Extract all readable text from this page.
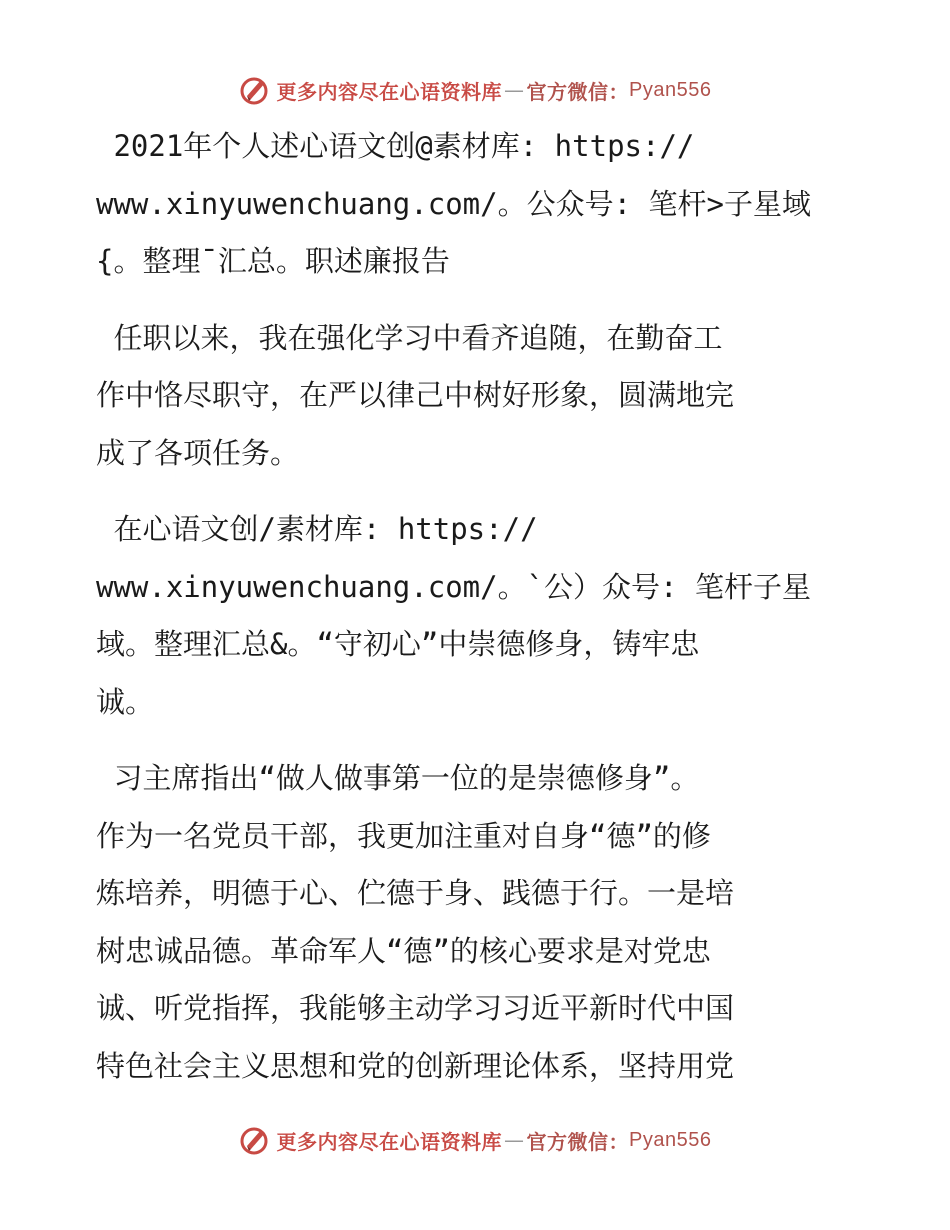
更多内容尽在心语资料库 — 官方微信： Pyan556

2021年个人述心语文创@素材库: https://
www.xinyuwenchuang.com/。公众号: 笔杆>子星域
{。整理¯汇总。职述廉报告

任职以来，我在强化学习中看齐追随，在勤奋工
作中恪尽职守，在严以律己中树好形象，圆满地完
成了各项任务。

在心语文创/素材库: https://
www.xinyuwenchuang.com/。`公）众号: 笔杆子星
域。整理汇总&。“守初心”中崇德修身，铸牢忠
诚。

习主席指出“做人做事第一位的是崇德修身”。
作为一名党员干部，我更加注重对自身“德”的修
炼培养，明德于心、伫德于身、践德于行。一是培
树忠诚品德。革命军人“德”的核心要求是对党忠
诚、听党指挥，我能够主动学习习近平新时代中国
特色社会主义思想和党的创新理论体系，坚持用党

更多内容尽在心语资料库 — 官方微信： Pyan556
